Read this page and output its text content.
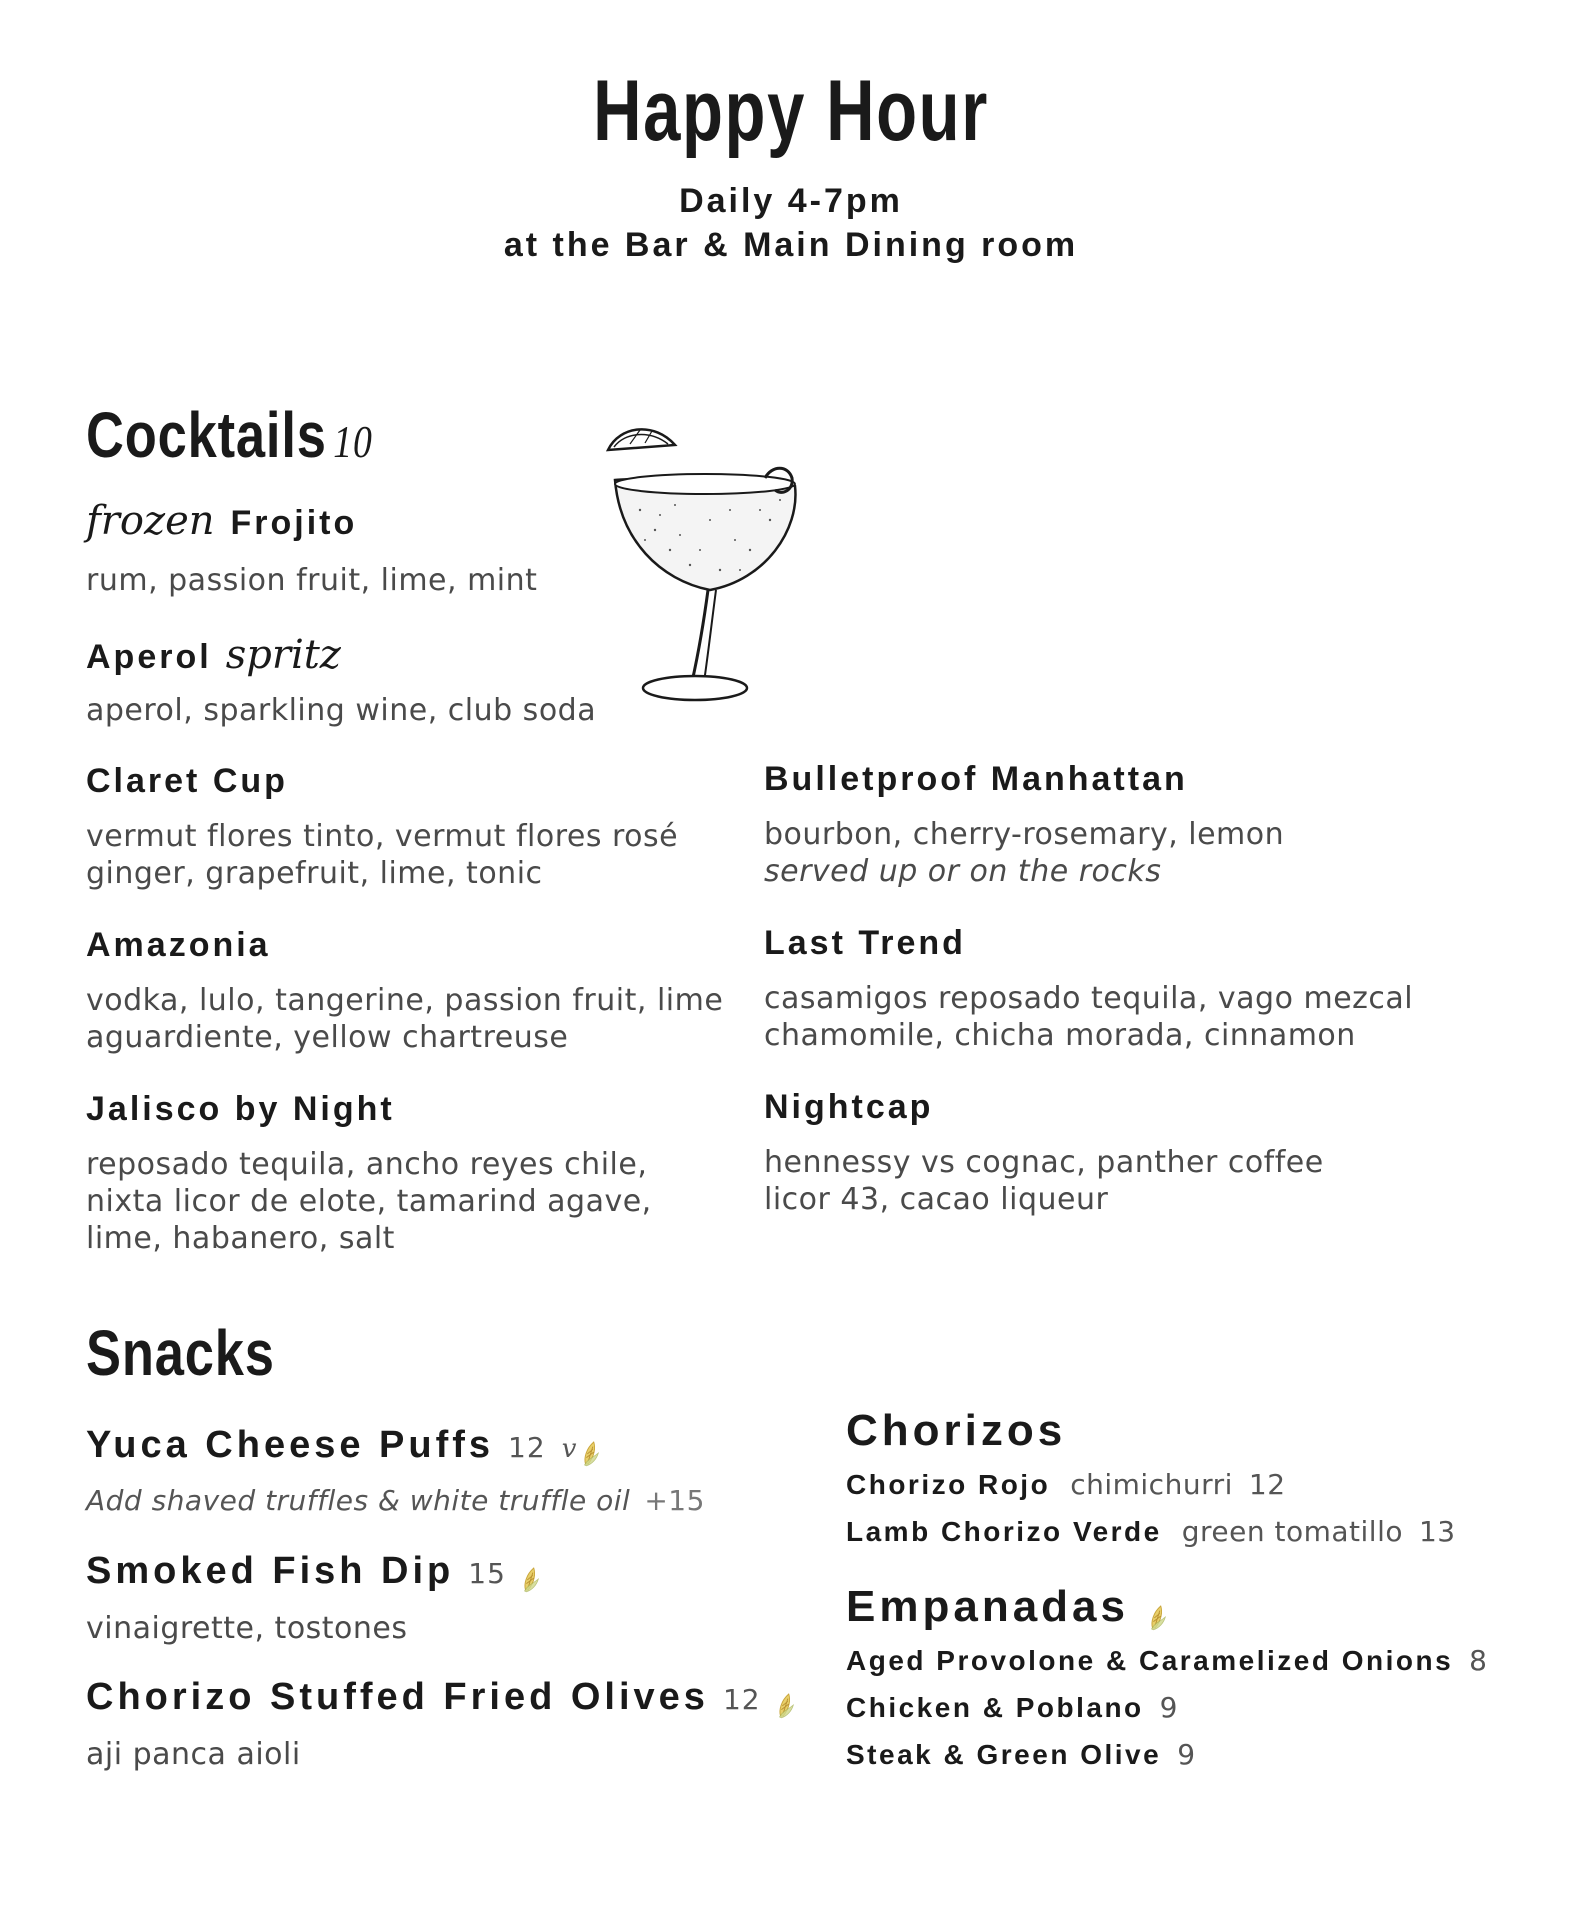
Happy Hour
Daily 4-7pm
at the Bar & Main Dining room
Cocktails 10
frozen Frojito
rum, passion fruit, lime, mint
Aperol spritz
aperol, sparkling wine, club soda
Claret Cup
vermut flores tinto, vermut flores rosé
ginger, grapefruit, lime, tonic
Amazonia
vodka, lulo, tangerine, passion fruit, lime
aguardiente, yellow chartreuse
Jalisco by Night
reposado tequila, ancho reyes chile,
nixta licor de elote, tamarind agave,
lime, habanero, salt
Bulletproof Manhattan
bourbon, cherry-rosemary, lemon
served up or on the rocks
Last Trend
casamigos reposado tequila, vago mezcal
chamomile, chicha morada, cinnamon
Nightcap
hennessy vs cognac, panther coffee
licor 43, cacao liqueur
Snacks
Yuca Cheese Puffs 12 v
Add shaved truffles & white truffle oil +15
Smoked Fish Dip 15
vinaigrette, tostones
Chorizo Stuffed Fried Olives 12
aji panca aioli
Chorizos
Chorizo Rojo chimichurri 12
Lamb Chorizo Verde green tomatillo 13
Empanadas
Aged Provolone & Caramelized Onions 8
Chicken & Poblano 9
Steak & Green Olive 9
